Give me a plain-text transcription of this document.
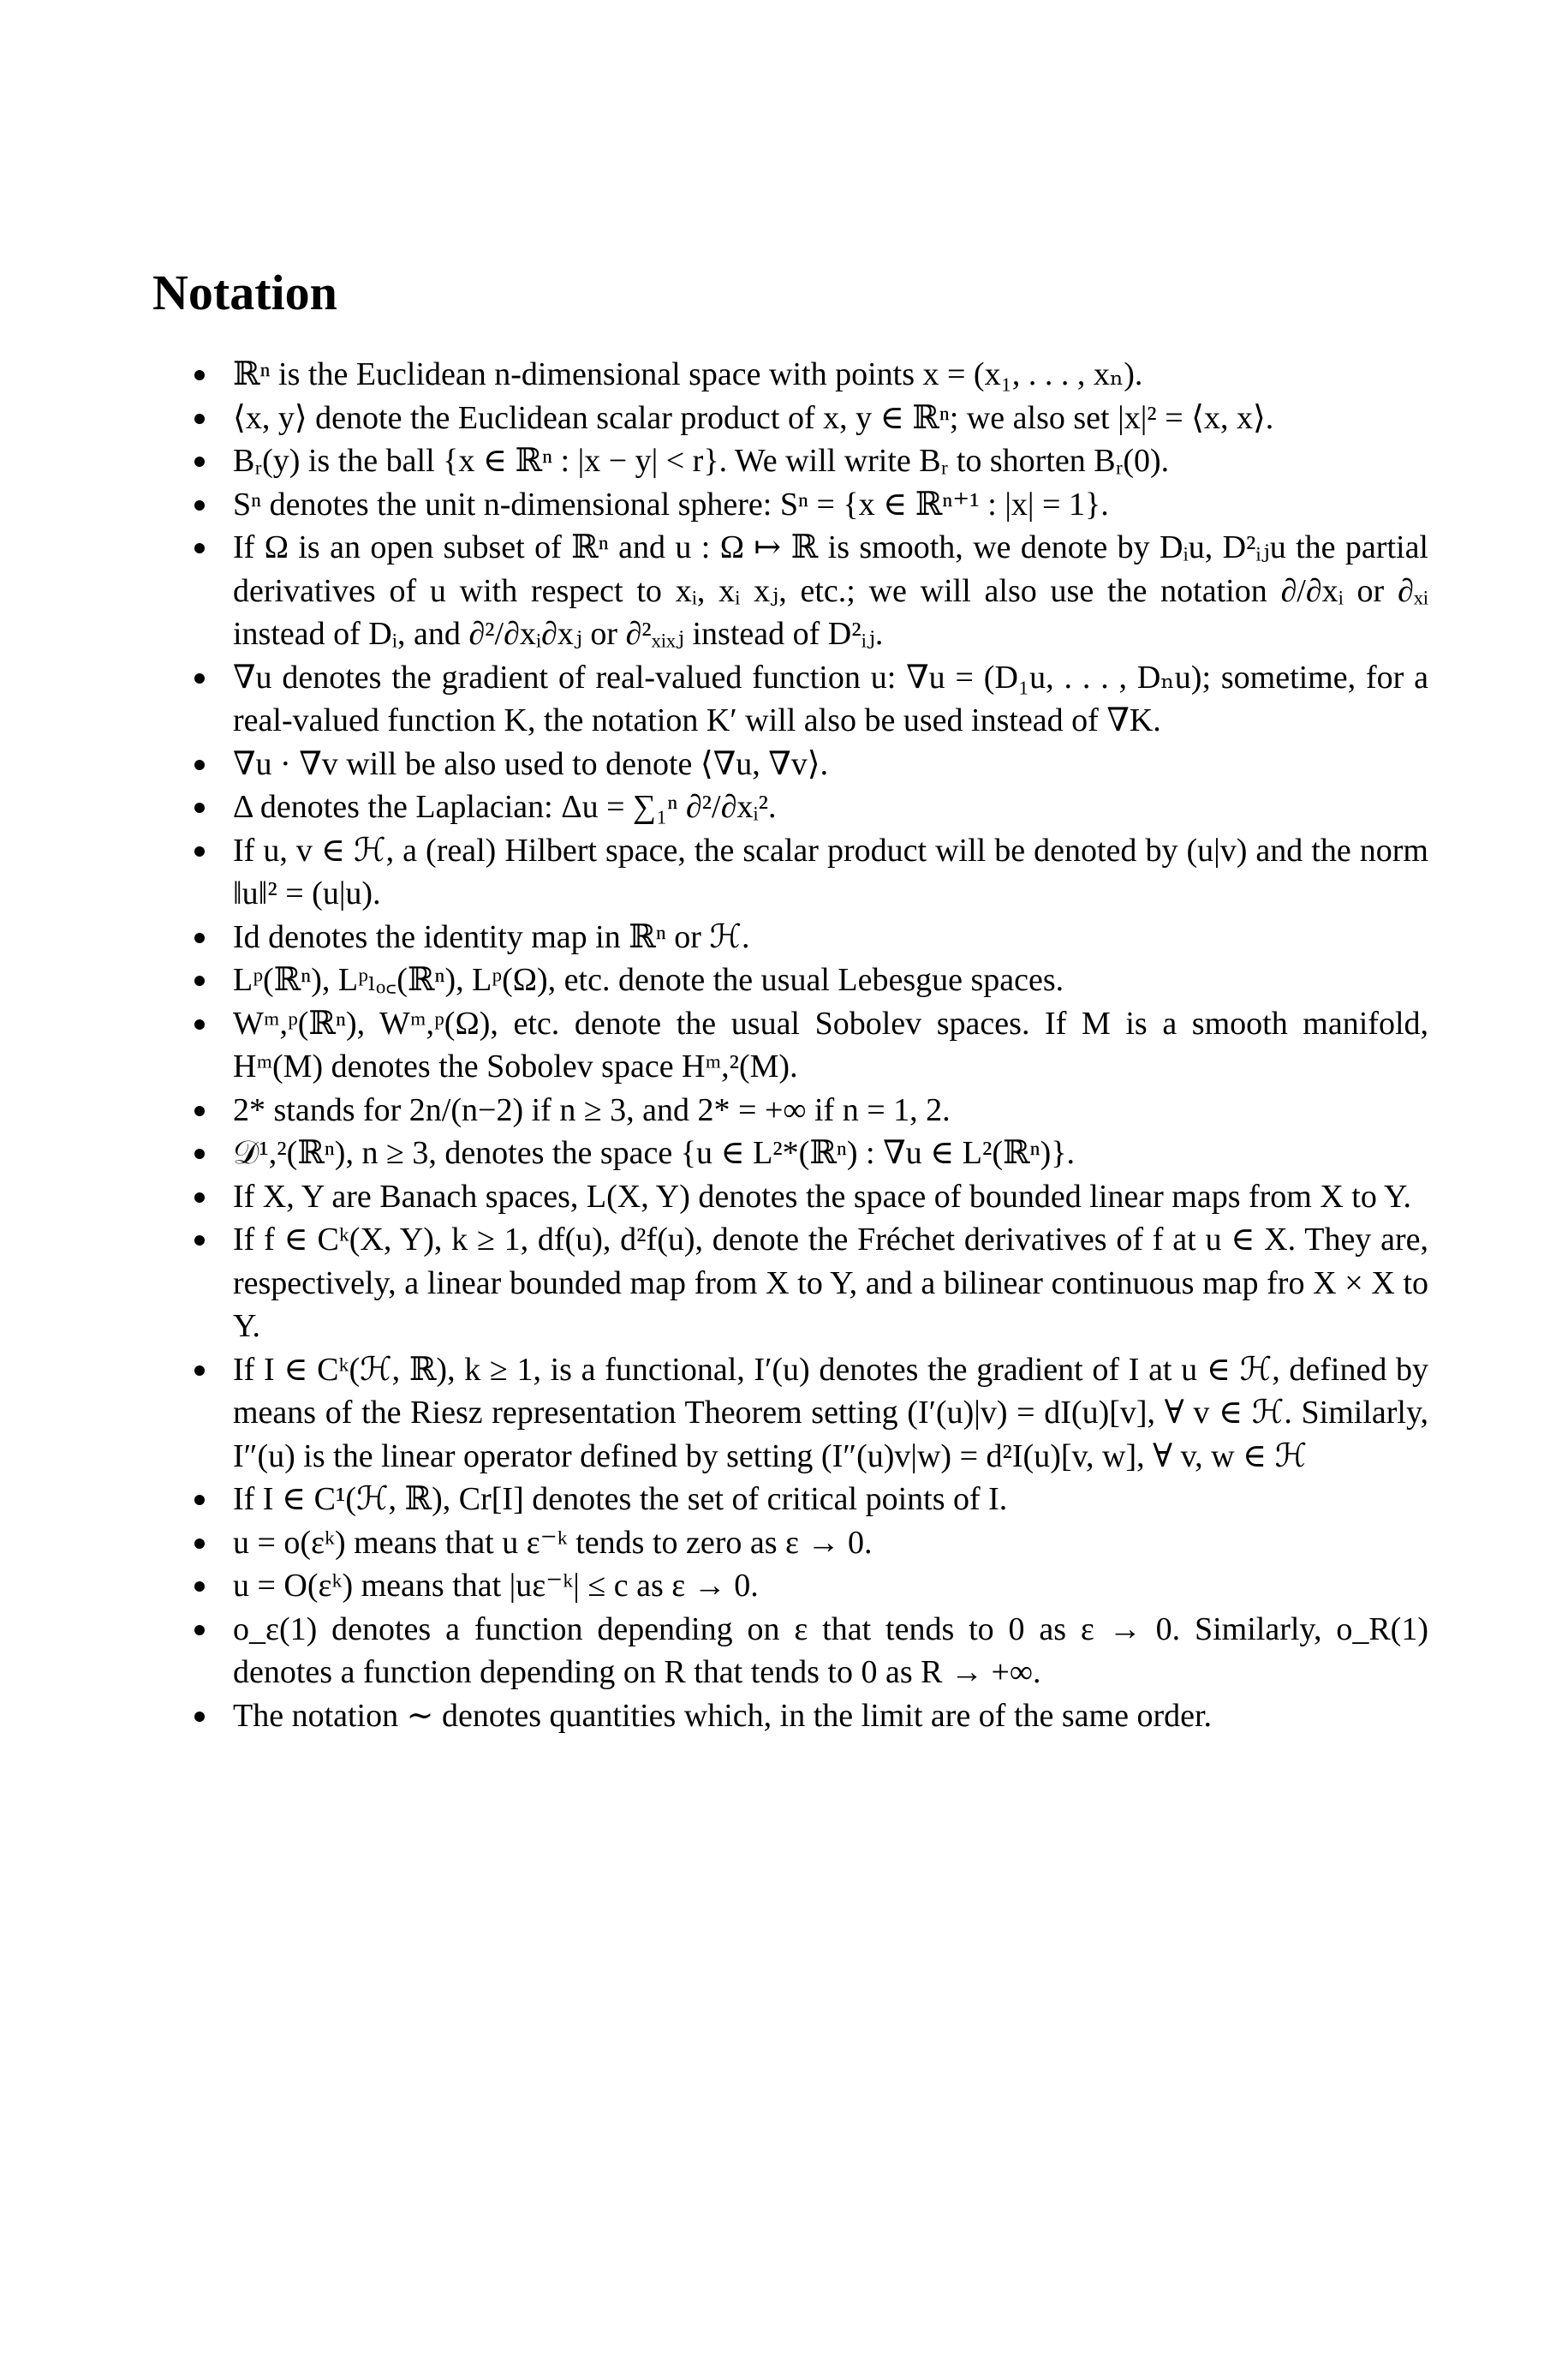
Notation
ℝⁿ is the Euclidean n-dimensional space with points x = (x₁, . . . , xₙ).
⟨x, y⟩ denote the Euclidean scalar product of x, y ∈ ℝⁿ; we also set |x|² = ⟨x, x⟩.
Bᵣ(y) is the ball {x ∈ ℝⁿ : |x − y| < r}. We will write Bᵣ to shorten Bᵣ(0).
Sⁿ denotes the unit n-dimensional sphere: Sⁿ = {x ∈ ℝⁿ⁺¹ : |x| = 1}.
If Ω is an open subset of ℝⁿ and u : Ω ↦ ℝ is smooth, we denote by Dᵢu, D²ᵢⱼu the partial derivatives of u with respect to xᵢ, xᵢ xⱼ, etc.; we will also use the notation ∂/∂xᵢ or ∂ₓᵢ instead of Dᵢ, and ∂²/∂xᵢ∂xⱼ or ∂²ₓᵢₓⱼ instead of D²ᵢⱼ.
∇u denotes the gradient of real-valued function u: ∇u = (D₁u, . . . , Dₙu); sometime, for a real-valued function K, the notation K′ will also be used instead of ∇K.
∇u · ∇v will be also used to denote ⟨∇u, ∇v⟩.
Δ denotes the Laplacian: Δu = ∑₁ⁿ ∂²/∂xᵢ².
If u, v ∈ ℋ, a (real) Hilbert space, the scalar product will be denoted by (u|v) and the norm ‖u‖² = (u|u).
Id denotes the identity map in ℝⁿ or ℋ.
Lᵖ(ℝⁿ), Lᵖₗₒ꜀(ℝⁿ), Lᵖ(Ω), etc. denote the usual Lebesgue spaces.
Wᵐ,ᵖ(ℝⁿ), Wᵐ,ᵖ(Ω), etc. denote the usual Sobolev spaces. If M is a smooth manifold, Hᵐ(M) denotes the Sobolev space Hᵐ,²(M).
2* stands for 2n/(n−2) if n ≥ 3, and 2* = +∞ if n = 1, 2.
𝒟¹,²(ℝⁿ), n ≥ 3, denotes the space {u ∈ L²*(ℝⁿ) : ∇u ∈ L²(ℝⁿ)}.
If X, Y are Banach spaces, L(X, Y) denotes the space of bounded linear maps from X to Y.
If f ∈ Cᵏ(X, Y), k ≥ 1, df(u), d²f(u), denote the Fréchet derivatives of f at u ∈ X. They are, respectively, a linear bounded map from X to Y, and a bilinear continuous map fro X × X to Y.
If I ∈ Cᵏ(ℋ, ℝ), k ≥ 1, is a functional, I′(u) denotes the gradient of I at u ∈ ℋ, defined by means of the Riesz representation Theorem setting (I′(u)|v) = dI(u)[v], ∀ v ∈ ℋ. Similarly, I″(u) is the linear operator defined by setting (I″(u)v|w) = d²I(u)[v, w], ∀ v, w ∈ ℋ
If I ∈ C¹(ℋ, ℝ), Cr[I] denotes the set of critical points of I.
u = o(εᵏ) means that u ε⁻ᵏ tends to zero as ε → 0.
u = O(εᵏ) means that |uε⁻ᵏ| ≤ c as ε → 0.
o_ε(1) denotes a function depending on ε that tends to 0 as ε → 0. Similarly, o_R(1) denotes a function depending on R that tends to 0 as R → +∞.
The notation ∼ denotes quantities which, in the limit are of the same order.
